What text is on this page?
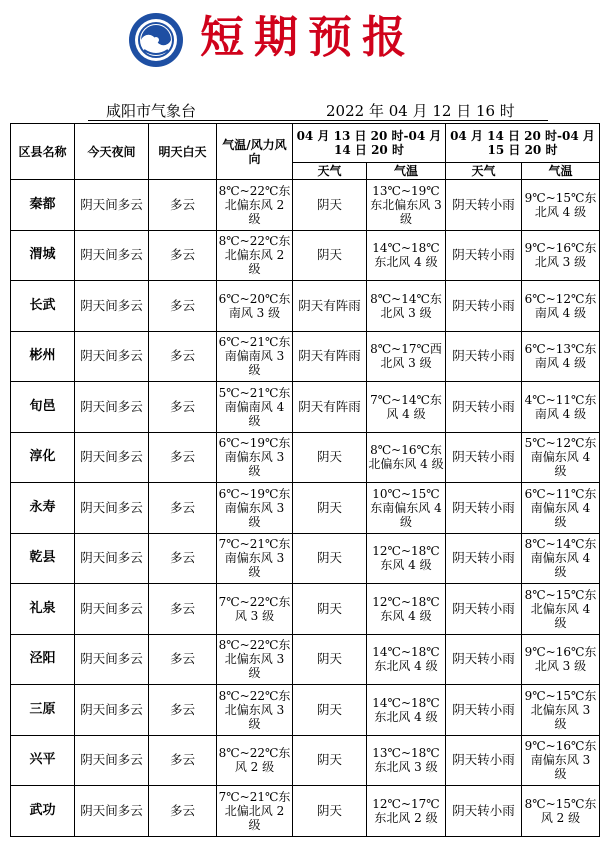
短期预报
咸阳市气象台	2022 年 04 月 12 日 16 时
区县名称	今天夜间	明天白天	气温/风力风向	04 月 13 日 20 时-04 月 14 日 20 时		04 月 14 日 20 时-04 月 15 日 20 时	
				天气	气温	天气	气温
秦都	阴天间多云	多云	8℃~22℃东北偏东风 2 级	阴天	13℃~19℃东北偏东风 3 级	阴天转小雨	9℃~15℃东北风 4 级
渭城	阴天间多云	多云	8℃~22℃东北偏东风 2 级	阴天	14℃~18℃东北风 4 级	阴天转小雨	9℃~16℃东北风 3 级
长武	阴天间多云	多云	6℃~20℃东南风 3 级	阴天有阵雨	8℃~14℃东北风 3 级	阴天转小雨	6℃~12℃东南风 4 级
彬州	阴天间多云	多云	6℃~21℃东南偏南风 3 级	阴天有阵雨	8℃~17℃西北风 3 级	阴天转小雨	6℃~13℃东南风 4 级
旬邑	阴天间多云	多云	5℃~21℃东南偏南风 4 级	阴天有阵雨	7℃~14℃东风 4 级	阴天转小雨	4℃~11℃东南风 4 级
淳化	阴天间多云	多云	6℃~19℃东南偏东风 3 级	阴天	8℃~16℃东北偏东风 4 级	阴天转小雨	5℃~12℃东南偏东风 4 级
永寿	阴天间多云	多云	6℃~19℃东南偏东风 3 级	阴天	10℃~15℃东南偏东风 4 级	阴天转小雨	6℃~11℃东南偏东风 4 级
乾县	阴天间多云	多云	7℃~21℃东南偏东风 3 级	阴天	12℃~18℃东风 4 级	阴天转小雨	8℃~14℃东南偏东风 4 级
礼泉	阴天间多云	多云	7℃~22℃东风 3 级	阴天	12℃~18℃东风 4 级	阴天转小雨	8℃~15℃东北偏东风 4 级
泾阳	阴天间多云	多云	8℃~22℃东北偏东风 3 级	阴天	14℃~18℃东北风 4 级	阴天转小雨	9℃~16℃东北风 3 级
三原	阴天间多云	多云	8℃~22℃东北偏东风 3 级	阴天	14℃~18℃东北风 4 级	阴天转小雨	9℃~15℃东北偏东风 3 级
兴平	阴天间多云	多云	8℃~22℃东风 2 级	阴天	13℃~18℃东北风 3 级	阴天转小雨	9℃~16℃东南偏东风 3 级
武功	阴天间多云	多云	7℃~21℃东北偏北风 2 级	阴天	12℃~17℃东北风 2 级	阴天转小雨	8℃~15℃东风 2 级
